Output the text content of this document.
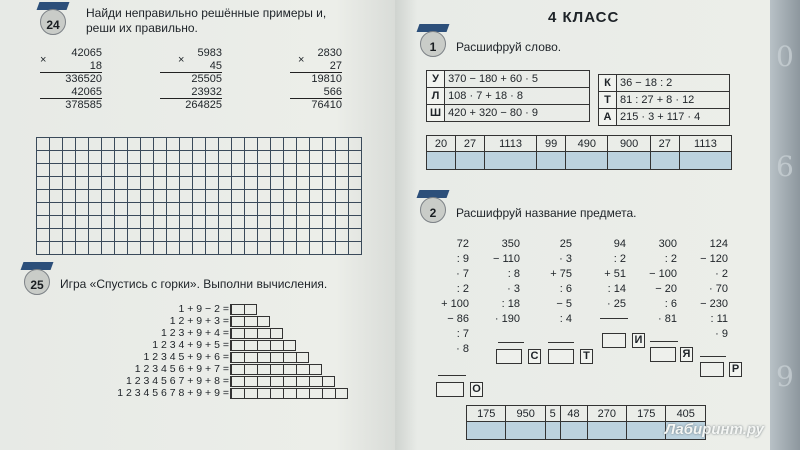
0
6
9
24
Найди неправильно решённые примеры и,
реши их правильно.
×
42065
18
336520
42065
378585
×
5983
45
25505
23932
264825
×
2830
27
19810
566
76410
25	Игра «Спустись с горки». Выполни вычисления.
1 + 9 − 2 =
1 2 + 9 + 3 =
1 2 3 + 9 + 4 =
1 2 3 4 + 9 + 5 =
1 2 3 4 5 + 9 + 6 =
1 2 3 4 5 6 + 9 + 7 =
1 2 3 4 5 6 7 + 9 + 8 =
1 2 3 4 5 6 7 8 + 9 + 9 =
4 КЛАСС
1	Расшифруй слово.
У	370 − 180 + 60 · 5
Л	108 · 7 + 18 · 8
Ш	420 + 320 − 80 · 9
К	36 − 18 : 2
Т	81 : 27 + 8 · 12
А	215 · 3 + 117 · 4
20	27	1113	99	490	900	27	1113

2	Расшифруй название предмета.
72
: 9
· 7
: 2
+ 100
− 86
: 7
· 8
350
− 110
: 8
· 3
: 18
· 190
25
· 3
+ 75
: 6
− 5
: 4
94
: 2
+ 51
: 14
· 25
300
: 2
− 100
− 20
: 6
· 81
124
− 120
· 2
· 70
− 230
: 11
· 9
С	Т
И
Я
Р
О
175	950	5	48	270	175	405

Лабиринт.ру
